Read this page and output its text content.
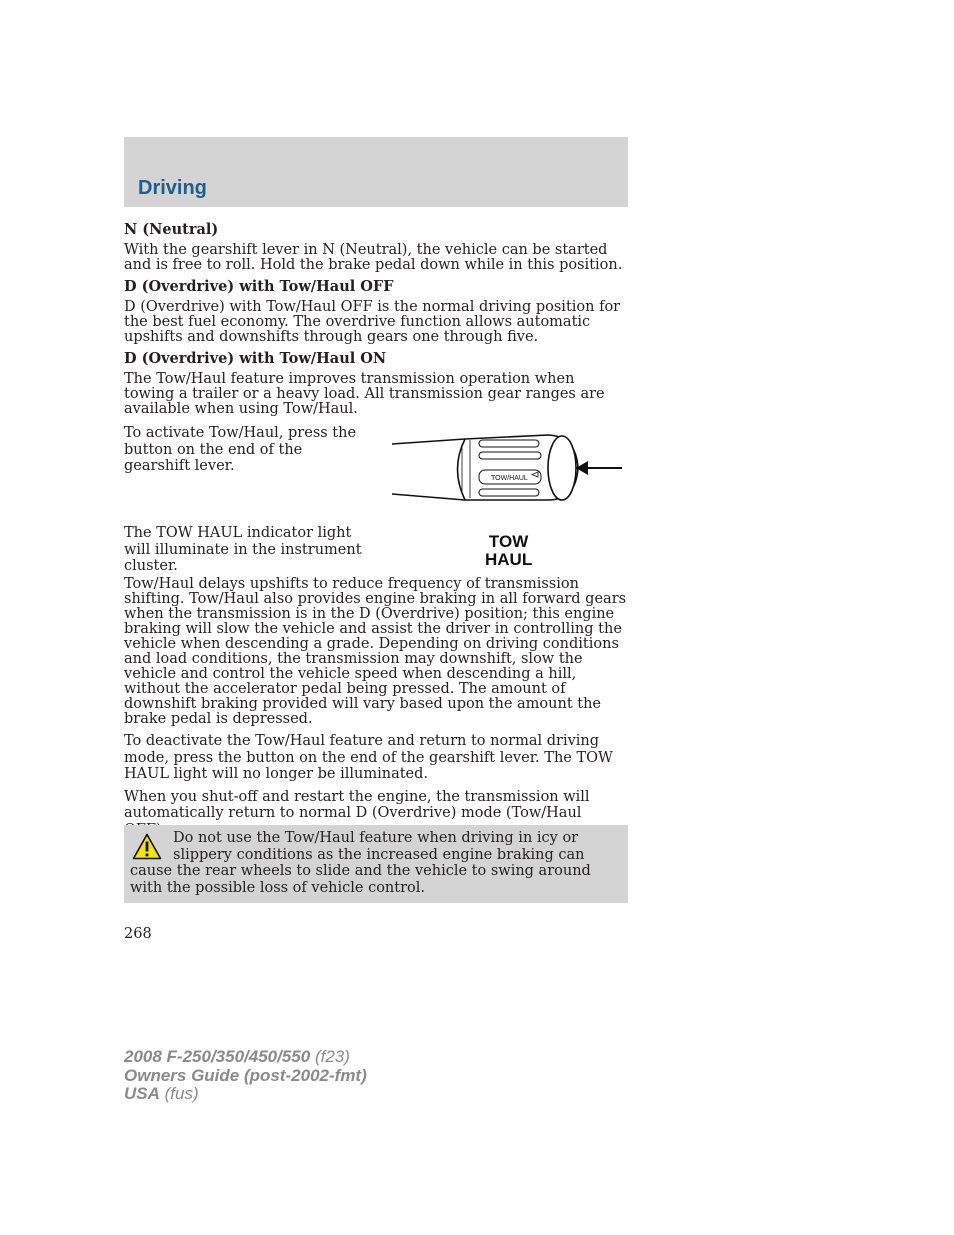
Driving

N (Neutral)

With the gearshift lever in N (Neutral), the vehicle can be started and is free to roll. Hold the brake pedal down while in this position.

D (Overdrive) with Tow/Haul OFF

D (Overdrive) with Tow/Haul OFF is the normal driving position for the best fuel economy. The overdrive function allows automatic upshifts and downshifts through gears one through five.

D (Overdrive) with Tow/Haul ON

The Tow/Haul feature improves transmission operation when towing a trailer or a heavy load. All transmission gear ranges are available when using Tow/Haul.

To activate Tow/Haul, press the button on the end of the gearshift lever.

The TOW HAUL indicator light will illuminate in the instrument cluster.

Tow/Haul delays upshifts to reduce frequency of transmission shifting. Tow/Haul also provides engine braking in all forward gears when the transmission is in the D (Overdrive) position; this engine braking will slow the vehicle and assist the driver in controlling the vehicle when descending a grade. Depending on driving conditions and load conditions, the transmission may downshift, slow the vehicle and control the vehicle speed when descending a hill, without the accelerator pedal being pressed. The amount of downshift braking provided will vary based upon the amount the brake pedal is depressed.

To deactivate the Tow/Haul feature and return to normal driving mode, press the button on the end of the gearshift lever. The TOW HAUL light will no longer be illuminated.

When you shut-off and restart the engine, the transmission will automatically return to normal D (Overdrive) mode (Tow/Haul

TOW/HAUL
TOW
HAUL
Do not use the Tow/Haul feature when driving in icy or slippery conditions as the increased engine braking can cause the rear wheels to slide and the vehicle to swing around with the possible loss of vehicle control.
268
2008 F-250/350/450/550 (f23)
Owners Guide (post-2002-fmt)
USA (fus)
